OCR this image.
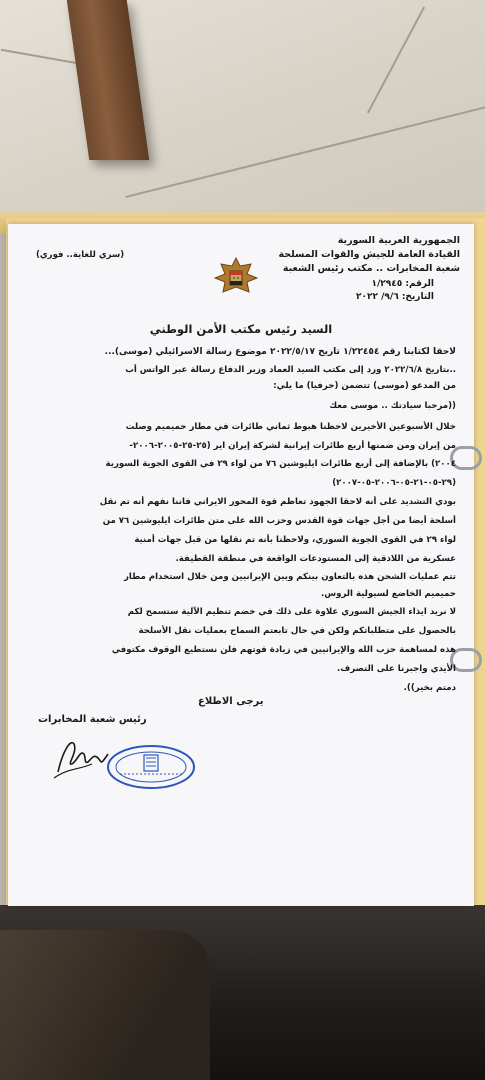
الجمهورية العربية السورية
القيادة العامة للجيش والقوات المسلحة
شعبة المخابرات .. مكتب رئيس الشعبة
الرقم: ١/٢٩٤٥
التاريخ: ٩/٦/ ٢٠٢٢
(سري للغاية.. فوري)
السيد رئيس مكتب الأمن الوطني
لاحقا لكتابنا رقم ١/٢٢٤٥٤ تاريخ ٢٠٢٢/٥/١٧ موضوع رسالة الاسرائيلي (موسى)...
..بتاريخ ٢٠٢٢/٦/٨ ورد إلى مكتب السيد العماد وزير الدفاع رسالة عبر الواتس أب
من المدعو (موسى) تتضمن (حرفيا) ما يلي:
((مرحبا سيادتك .. موسى معك
خلال الأسبوعين الأخيرين لاحظنا هبوط ثماني طائرات في مطار حميميم وصلت
من إيران ومن ضمنها أربع طائرات إيرانية لشركة إيران اير (٢٥-٢٥-٢٠٠٥-٢٠٠٦-
٢٠٠٤) بالإضافة إلى أربع طائرات ايليوشين ٧٦ من لواء ٢٩ في القوى الجوية السورية
(٢٩-٠٥-٢١-٠٥-٢٠٠٦-٠٥-٢٠٠٧)
بودي التشديد على أنه لاحقا الجهود تعاظم قوة المحور الايراني فاننا نفهم أنه تم نقل
أسلحة أيضا من أجل جهات قوة القدس وحزب الله على متن طائرات ايليوشين ٧٦ من
لواء ٢٩ في القوى الجوية السوري، ولاحظنا بأنه تم نقلها من قبل جهات أمنية
عسكرية من اللاذقية إلى المستودعات الواقعة في منطقة القطيفة.
تتم عمليات الشحن هذه بالتعاون بينكم وبين الإيرانيين ومن خلال استخدام مطار
حميميم الخاضع لسيولية الروس.
لا نريد ايذاء الجيش السوري علاوة على ذلك في خضم تنظيم الآلية ستسمح لكم
بالحصول على متطلباتكم ولكن في حال تابعتم السماح بعمليات نقل الأسلحة
هذه لمساهمة حزب الله والإيرانيين في زيادة قوتهم فلن نستطيع الوقوف مكتوفي
الأيدي واجبرنا على التصرف.
دمتم بخير)).
يرجى الاطلاع
رئيس شعبة المخابرات
